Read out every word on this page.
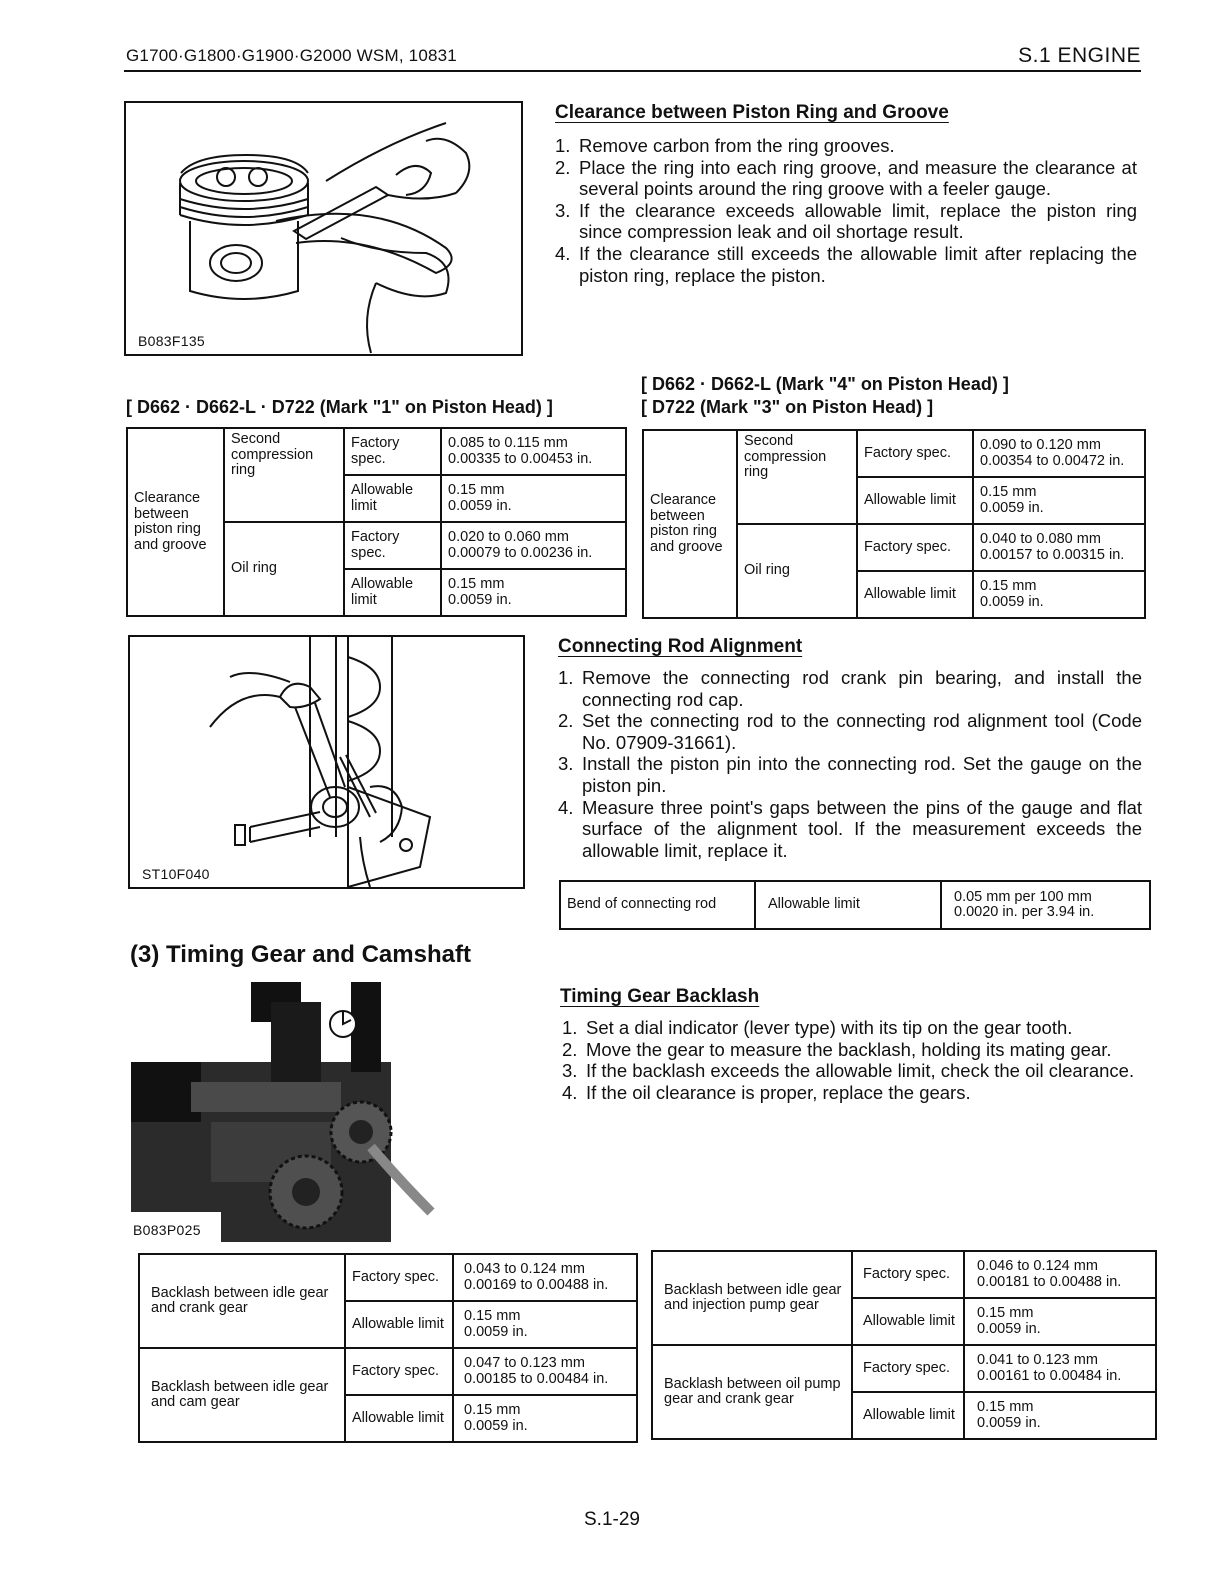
G1700·G1800·G1900·G2000 WSM, 10831	S.1 ENGINE
B083F135
Clearance between Piston Ring and Groove
1. Remove carbon from the ring grooves.
2. Place the ring into each ring groove, and measure the clearance at several points around the ring groove with a feeler gauge.
3. If the clearance exceeds allowable limit, replace the piston ring since compression leak and oil shortage result.
4. If the clearance still exceeds the allowable limit after replacing the piston ring, replace the piston.
[ D662 · D662-L · D722 (Mark "1" on Piston Head) ]
[ D662 · D662-L (Mark "4" on Piston Head) ]
[ D722 (Mark "3" on Piston Head) ]
Clearance between piston ring and groove	Second compression ring	Factory spec.	0.085 to 0.115 mm
0.00335 to 0.00453 in.

		Allowable limit	0.15 mm
0.0059 in.

	Oil ring	Factory spec.	0.020 to 0.060 mm
0.00079 to 0.00236 in.

		Allowable limit	0.15 mm
0.0059 in.
Clearance between piston ring and groove	Second compression ring	Factory spec.	0.090 to 0.120 mm
0.00354 to 0.00472 in.

		Allowable limit	0.15 mm
0.0059 in.

	Oil ring	Factory spec.	0.040 to 0.080 mm
0.00157 to 0.00315 in.

		Allowable limit	0.15 mm
0.0059 in.
ST10F040
Connecting Rod Alignment
1. Remove the connecting rod crank pin bearing, and install the connecting rod cap.
2. Set the connecting rod to the connecting rod alignment tool (Code No. 07909-31661).
3. Install the piston pin into the connecting rod. Set the gauge on the piston pin.
4. Measure three point's gaps between the pins of the gauge and flat surface of the alignment tool. If the measurement exceeds the allowable limit, replace it.
Bend of connecting rod	Allowable limit	0.05 mm per 100 mm
0.0020 in. per 3.94 in.
(3) Timing Gear and Camshaft
B083P025
Timing Gear Backlash
1. Set a dial indicator (lever type) with its tip on the gear tooth.
2. Move the gear to measure the backlash, holding its mating gear.
3. If the backlash exceeds the allowable limit, check the oil clearance.
4. If the oil clearance is proper, replace the gears.
Backlash between idle gear and crank gear	Factory spec.	0.043 to 0.124 mm
0.00169 to 0.00488 in.

	Allowable limit	0.15 mm
0.0059 in.

Backlash between idle gear and cam gear	Factory spec.	0.047 to 0.123 mm
0.00185 to 0.00484 in.

	Allowable limit	0.15 mm
0.0059 in.
Backlash between idle gear and injection pump gear	Factory spec.	0.046 to 0.124 mm
0.00181 to 0.00488 in.

	Allowable limit	0.15 mm
0.0059 in.

Backlash between oil pump gear and crank gear	Factory spec.	0.041 to 0.123 mm
0.00161 to 0.00484 in.

	Allowable limit	0.15 mm
0.0059 in.
S.1-29
